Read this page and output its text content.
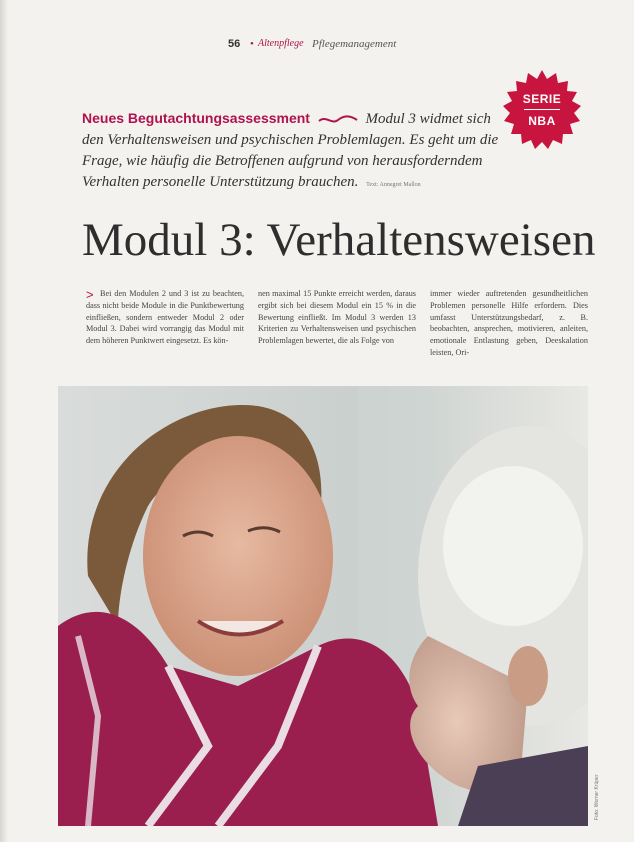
56 • Altenpflege Pflegemanagement
SERIE
NBA
Neues Begutachtungsassessment	Modul 3 widmet sich den Verhaltensweisen und psychischen Problemlagen. Es geht um die Frage, wie häufig die Betroffenen aufgrund von herausforderndem Verhalten personelle Unterstützung brauchen. Text: Annegret Mallon
Modul 3: Verhaltensweisen
> Bei den Modulen 2 und 3 ist zu beachten, dass nicht beide Module in die Punktbewertung einfließen, sondern entweder Modul 2 oder Modul 3. Dabei wird vorrangig das Modul mit dem höheren Punktwert eingesetzt. Es kön-

nen maximal 15 Punkte erreicht werden, daraus ergibt sich bei diesem Modul ein 15 % in die Bewertung einfließt. Im Modul 3 werden 13 Kriterien zu Verhaltensweisen und psychischen Problemlagen bewertet, die als Folge von

immer wieder auftretenden gesundheitlichen Problemen personelle Hilfe erfordern. Dies umfasst Unterstützungsbedarf, z. B. beobachten, ansprechen, motivieren, anleiten, emotionale Entlastung geben, Deeskalation leisten, Ori-

Foto: Werner Krüper
